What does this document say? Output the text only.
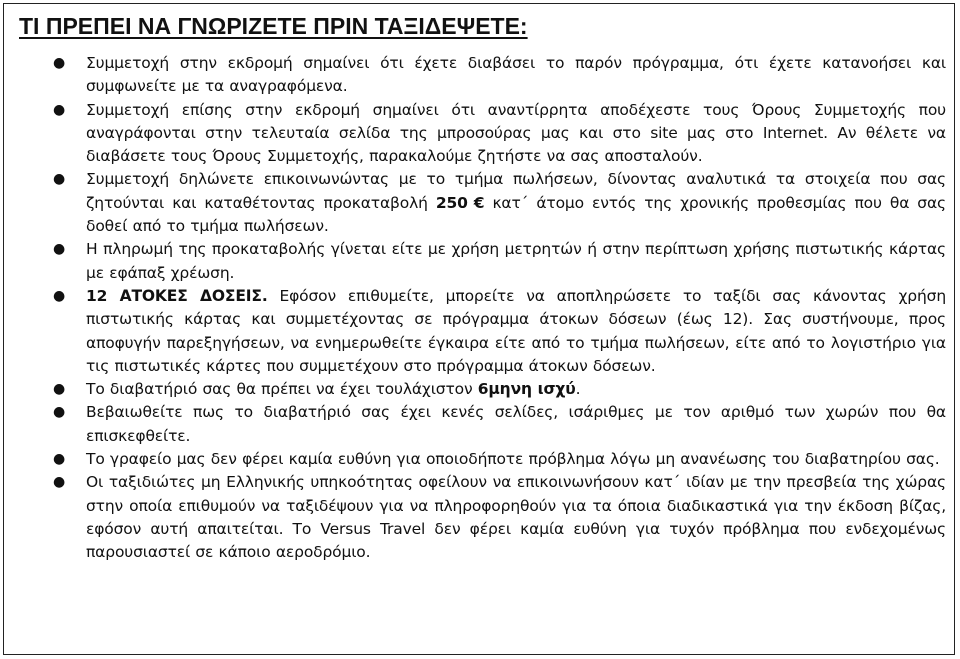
ΤΙ ΠΡΕΠΕΙ ΝΑ ΓΝΩΡΙΖΕΤΕ ΠΡΙΝ ΤΑΞΙΔΕΨΕΤΕ:
● Συμμετοχή στην εκδρομή σημαίνει ότι έχετε διαβάσει το παρόν πρόγραμμα, ότι έχετε κατανοήσει και συμφωνείτε με τα αναγραφόμενα.
● Συμμετοχή επίσης στην εκδρομή σημαίνει ότι αναντίρρητα αποδέχεστε τους Όρους Συμμετοχής που αναγράφονται στην τελευταία σελίδα της μπροσούρας μας και στο site μας στο Internet. Αν θέλετε να διαβάσετε τους Όρους Συμμετοχής, παρακαλούμε ζητήστε να σας αποσταλούν.
● Συμμετοχή δηλώνετε επικοινωνώντας με το τμήμα πωλήσεων, δίνοντας αναλυτικά τα στοιχεία που σας ζητούνται και καταθέτοντας προκαταβολή 250 € κατ΄ άτομο εντός της χρονικής προθεσμίας που θα σας δοθεί από το τμήμα πωλήσεων.
● Η πληρωμή της προκαταβολής γίνεται είτε με χρήση μετρητών ή στην περίπτωση χρήσης πιστωτικής κάρτας με εφάπαξ χρέωση.
● 12 ΑΤΟΚΕΣ ΔΟΣΕΙΣ. Εφόσον επιθυμείτε, μπορείτε να αποπληρώσετε το ταξίδι σας κάνοντας χρήση πιστωτικής κάρτας και συμμετέχοντας σε πρόγραμμα άτοκων δόσεων (έως 12). Σας συστήνουμε, προς αποφυγήν παρεξηγήσεων, να ενημερωθείτε έγκαιρα είτε από το τμήμα πωλήσεων, είτε από το λογιστήριο για τις πιστωτικές κάρτες που συμμετέχουν στο πρόγραμμα άτοκων δόσεων.
● Το διαβατήριό σας θα πρέπει να έχει τουλάχιστον 6μηνη ισχύ.
● Βεβαιωθείτε πως το διαβατήριό σας έχει κενές σελίδες, ισάριθμες με τον αριθμό των χωρών που θα επισκεφθείτε.
● Το γραφείο μας δεν φέρει καμία ευθύνη για οποιοδήποτε πρόβλημα λόγω μη ανανέωσης του διαβατηρίου σας.
● Οι ταξιδιώτες μη Ελληνικής υπηκοότητας οφείλουν να επικοινωνήσουν κατ΄ ιδίαν με την πρεσβεία της χώρας στην οποία επιθυμούν να ταξιδέψουν για να πληροφορηθούν για τα όποια διαδικαστικά για την έκδοση βίζας, εφόσον αυτή απαιτείται. Το Versus Travel δεν φέρει καμία ευθύνη για τυχόν πρόβλημα που ενδεχομένως παρουσιαστεί σε κάποιο αεροδρόμιο.
